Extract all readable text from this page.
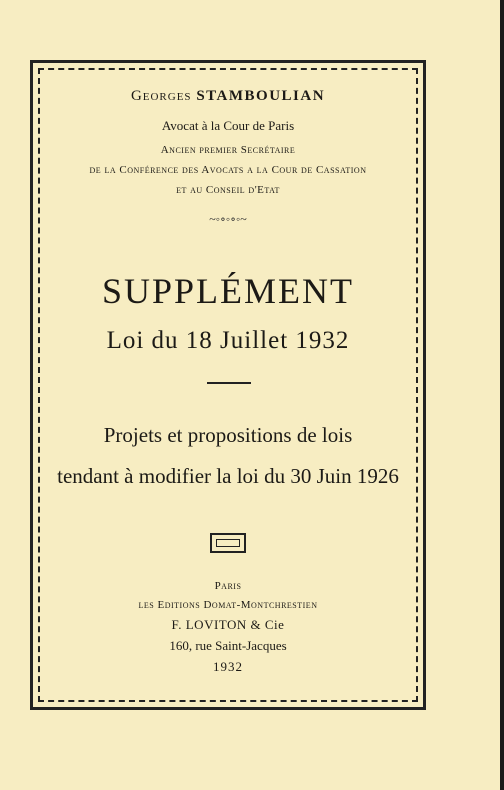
Georges STAMBOULIAN
Avocat à la Cour de Paris
Ancien premier Secrétaire
de la Conférence des Avocats a la Cour de Cassation
et au Conseil d'Etat
~◦∘◦∘◦~
SUPPLÉMENT
Loi du 18 Juillet 1932
Projets et propositions de lois
tendant à modifier la loi du 30 Juin 1926
Paris
les Editions Domat-Montchrestien
F. LOVITON & Cie
160, rue Saint-Jacques
1932
